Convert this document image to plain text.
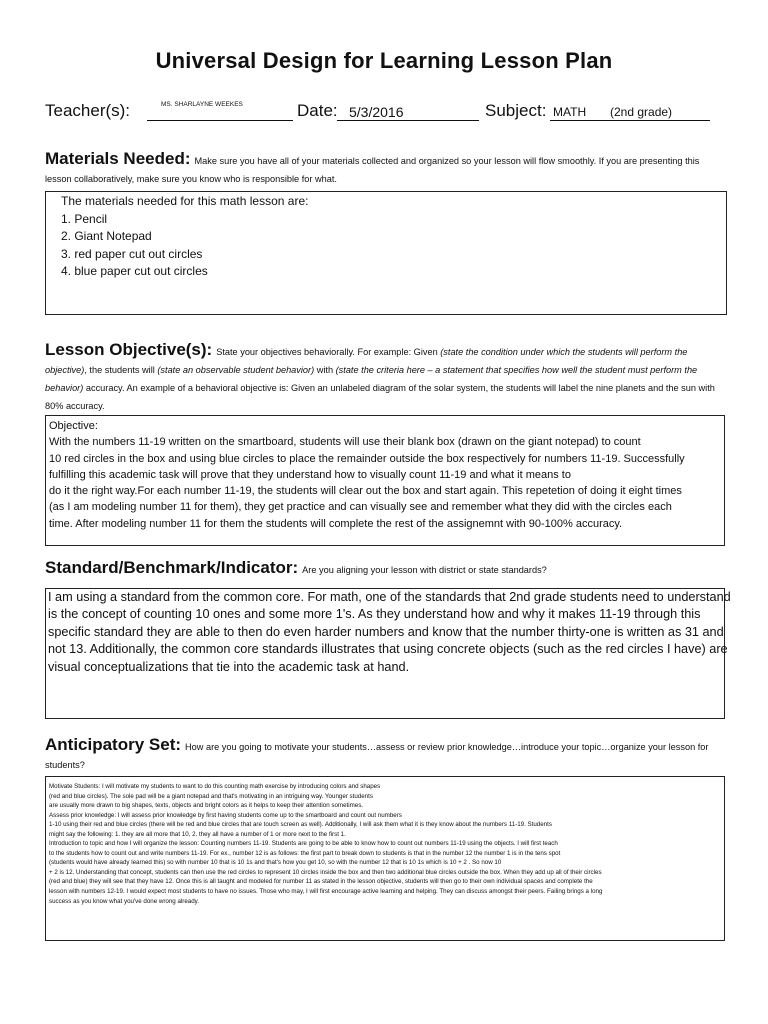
Universal Design for Learning Lesson Plan
Teacher(s):	MS. SHARLAYNE WEEKES	Date: 5/3/2016	Subject: MATH (2nd grade)
Materials Needed: Make sure you have all of your materials collected and organized so your lesson will flow smoothly. If you are presenting this lesson collaboratively, make sure you know who is responsible for what.
The materials needed for this math lesson are:
1. Pencil
2. Giant Notepad
3. red paper cut out circles
4. blue paper cut out circles
Lesson Objective(s): State your objectives behaviorally. For example: Given (state the condition under which the students will perform the objective), the students will (state an observable student behavior) with (state the criteria here – a statement that specifies how well the student must perform the behavior) accuracy. An example of a behavioral objective is: Given an unlabeled diagram of the solar system, the students will label the nine planets and the sun with 80% accuracy.
Objective:
With the numbers 11-19 written on the smartboard, students will use their blank box (drawn on the giant notepad) to count
10 red circles in the box and using blue circles to place the remainder outside the box respectively for numbers 11-19. Successfully
fulfilling this academic task will prove that they understand how to visually count 11-19 and what it means to
do it the right way.For each number 11-19, the students will clear out the box and start again. This repetetion of doing it eight times
(as I am modeling number 11 for them), they get practice and can visually see and remember what they did with the circles each
time. After modeling number 11 for them the students will complete the rest of the assignemnt with 90-100% accuracy.
Standard/Benchmark/Indicator: Are you aligning your lesson with district or state standards?
I am using a standard from the common core. For math, one of the standards that 2nd grade students need to understand
is the concept of counting 10 ones and some more 1's. As they understand how and why it makes 11-19 through this
specific standard they are able to then do even harder numbers and know that the number thirty-one is written as 31 and
not 13. Additionally, the common core standards illustrates that using concrete objects (such as the red circles I have) are
visual conceptualizations that tie into the academic task at hand.
Anticipatory Set: How are you going to motivate your students…assess or review prior knowledge…introduce your topic…organize your lesson for students?
Motivate Students: I will motivate my students to want to do this counting math exercise by introducing colors and shapes
(red and blue circles). The sole pad will be a giant notepad and that's motivating in an intriguing way. Younger students
are usually more drawn to big shapes, texts, objects and bright colors as it helps to keep their attention sometimes.
Assess prior knowledge: I will assess prior knowledge by first having students come up to the smartboard and count out numbers
1-10 using their red and blue circles (there will be red and blue circles that are touch screen as well). Additionally, I will ask them what it is they know about the numbers 11-19. Students
might say the following: 1. they are all more that 10, 2. they all have a number of 1 or more next to the first 1.
Introduction to topic and how I will organize the lesson: Counting numbers 11-19. Students are going to be able to know how to count out numbers 11-19 using the objects. I will first teach
to the students how to count out and write numbers 11-19. For ex., number 12 is as follows: the first part to break down to students is that in the number 12 the number 1 is in the tens spot
(students would have already learned this) so with number 10 that is 10 1s and that's how you get 10, so with the number 12 that is 10 1s which is 10 + 2 . So now 10
+ 2 is 12. Understanding that concept, students can then use the red circles to represent 10 circles inside the box and then two additional blue circles outside the box. When they add up all of their circles
(red and blue) they will see that they have 12. Once this is all taught and modeled for number 11 as stated in the lesson objective, students will then go to their own individual spaces and complete the
lesson with numbers 12-19. I would expect most students to have no issues. Those who may, I will first encourage active learning and helping. They can discuss amongst their peers. Failing brings a long
success as you know what you've done wrong already.
